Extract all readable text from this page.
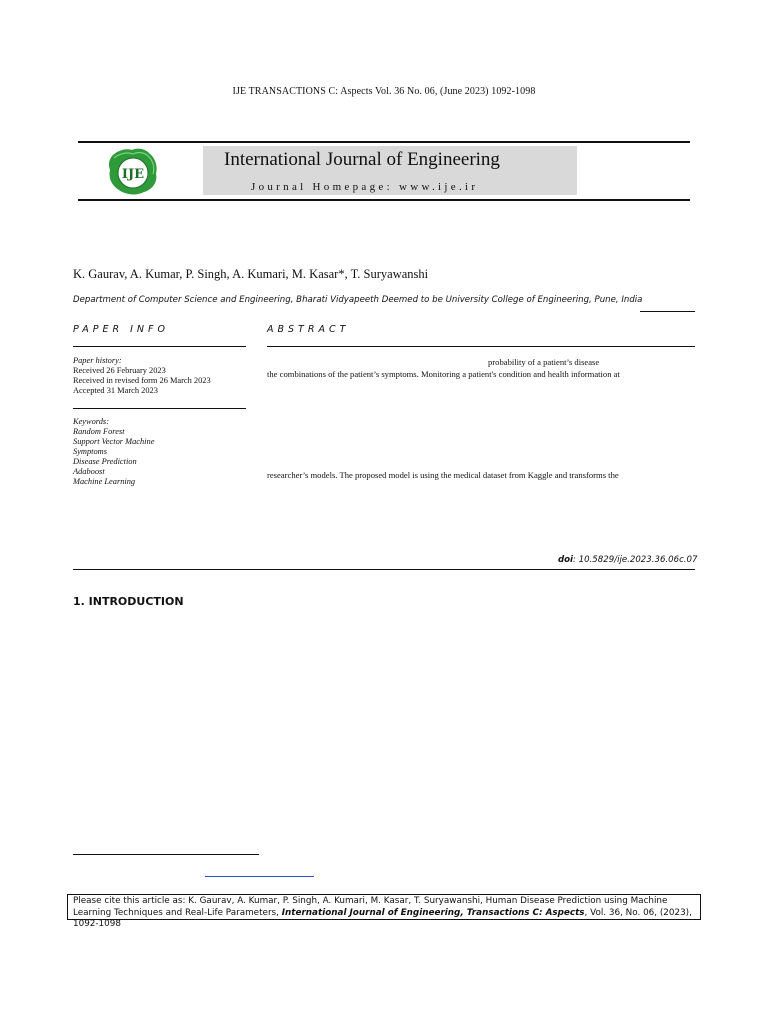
IJE TRANSACTIONS C: Aspects Vol. 36 No. 06, (June 2023) 1092-1098
IJE
International Journal of Engineering
Journal Homepage: www.ije.ir
K. Gaurav, A. Kumar, P. Singh, A. Kumari, M. Kasar*, T. Suryawanshi
Department of Computer Science and Engineering, Bharati Vidyapeeth Deemed to be University College of Engineering, Pune, India
PAPER INFO
Paper history:
Received 26 February 2023
Received in revised form 26 March 2023
Accepted 31 March 2023
Keywords:
Random Forest
Support Vector Machine
Symptoms
Disease Prediction
Adaboost
Machine Learning
ABSTRACT
probability of a patient’s disease
the combinations of the patient’s symptoms. Monitoring a patient's condition and health information at
researcher’s models. The proposed model is using the medical dataset from Kaggle and transforms the
doi: 10.5829/ije.2023.36.06c.07
1. INTRODUCTION
Please cite this article as: K. Gaurav, A. Kumar, P. Singh, A. Kumari, M. Kasar, T. Suryawanshi, Human Disease Prediction using Machine Learning Techniques and Real-Life Parameters, International Journal of Engineering, Transactions C: Aspects, Vol. 36, No. 06, (2023), 1092-1098
